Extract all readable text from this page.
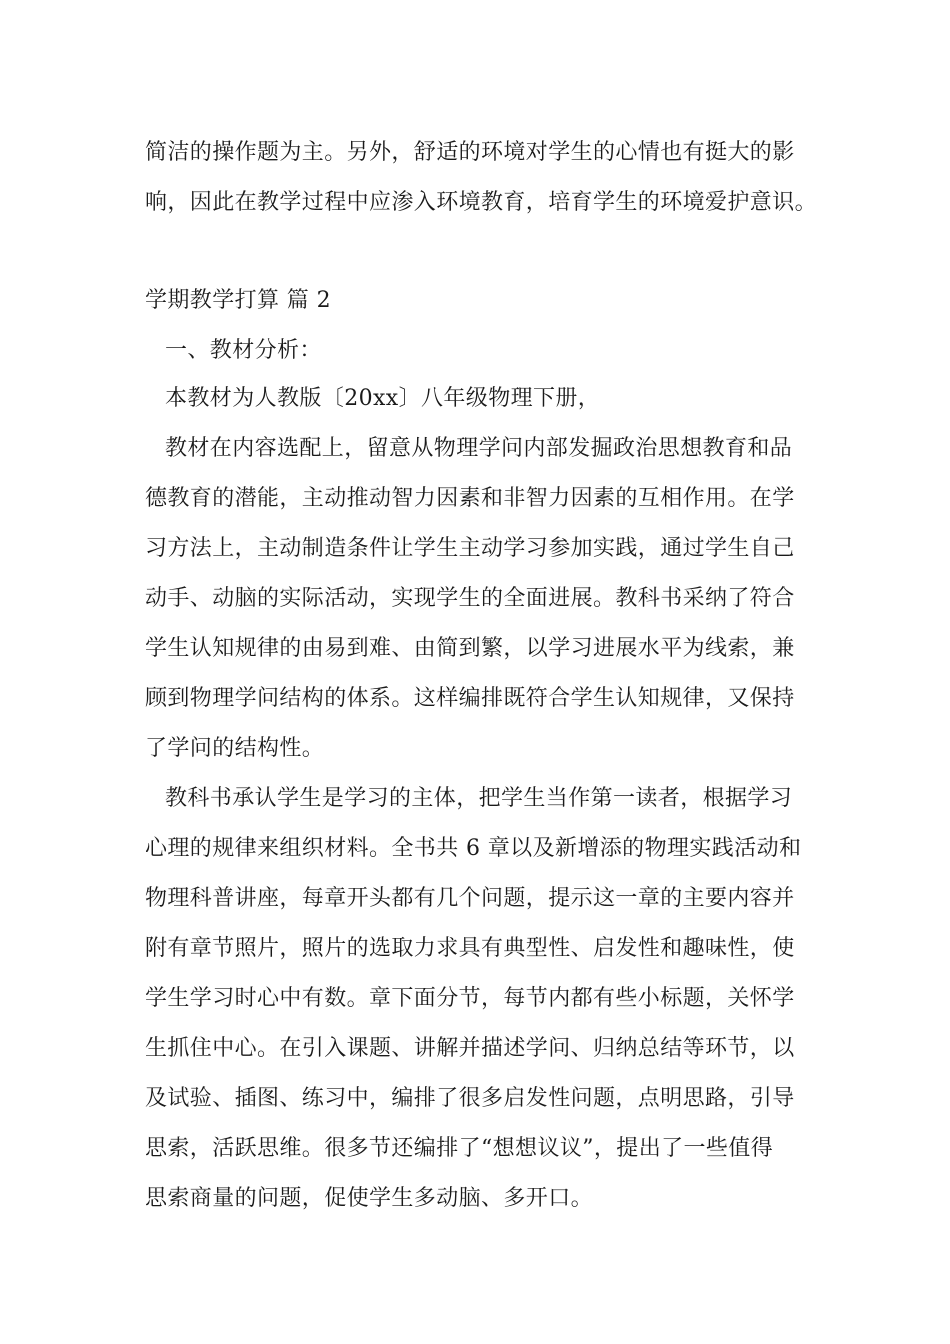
简洁的操作题为主。另外，舒适的环境对学生的心情也有挺大的影
响，因此在教学过程中应渗入环境教育，培育学生的环境爱护意识。
学期教学打算 篇 2
一、教材分析：
本教材为人教版〔20xx〕八年级物理下册，
教材在内容选配上，留意从物理学问内部发掘政治思想教育和品
德教育的潜能，主动推动智力因素和非智力因素的互相作用。在学
习方法上，主动制造条件让学生主动学习参加实践，通过学生自己
动手、动脑的实际活动，实现学生的全面进展。教科书采纳了符合
学生认知规律的由易到难、由简到繁，以学习进展水平为线索，兼
顾到物理学问结构的体系。这样编排既符合学生认知规律，又保持
了学问的结构性。
教科书承认学生是学习的主体，把学生当作第一读者，根据学习
心理的规律来组织材料。全书共 6 章以及新增添的物理实践活动和
物理科普讲座，每章开头都有几个问题，提示这一章的主要内容并
附有章节照片，照片的选取力求具有典型性、启发性和趣味性，使
学生学习时心中有数。章下面分节，每节内都有些小标题，关怀学
生抓住中心。在引入课题、讲解并描述学问、归纳总结等环节，以
及试验、插图、练习中，编排了很多启发性问题，点明思路，引导
思索，活跃思维。很多节还编排了“想想议议”，提出了一些值得
思索商量的问题，促使学生多动脑、多开口。
